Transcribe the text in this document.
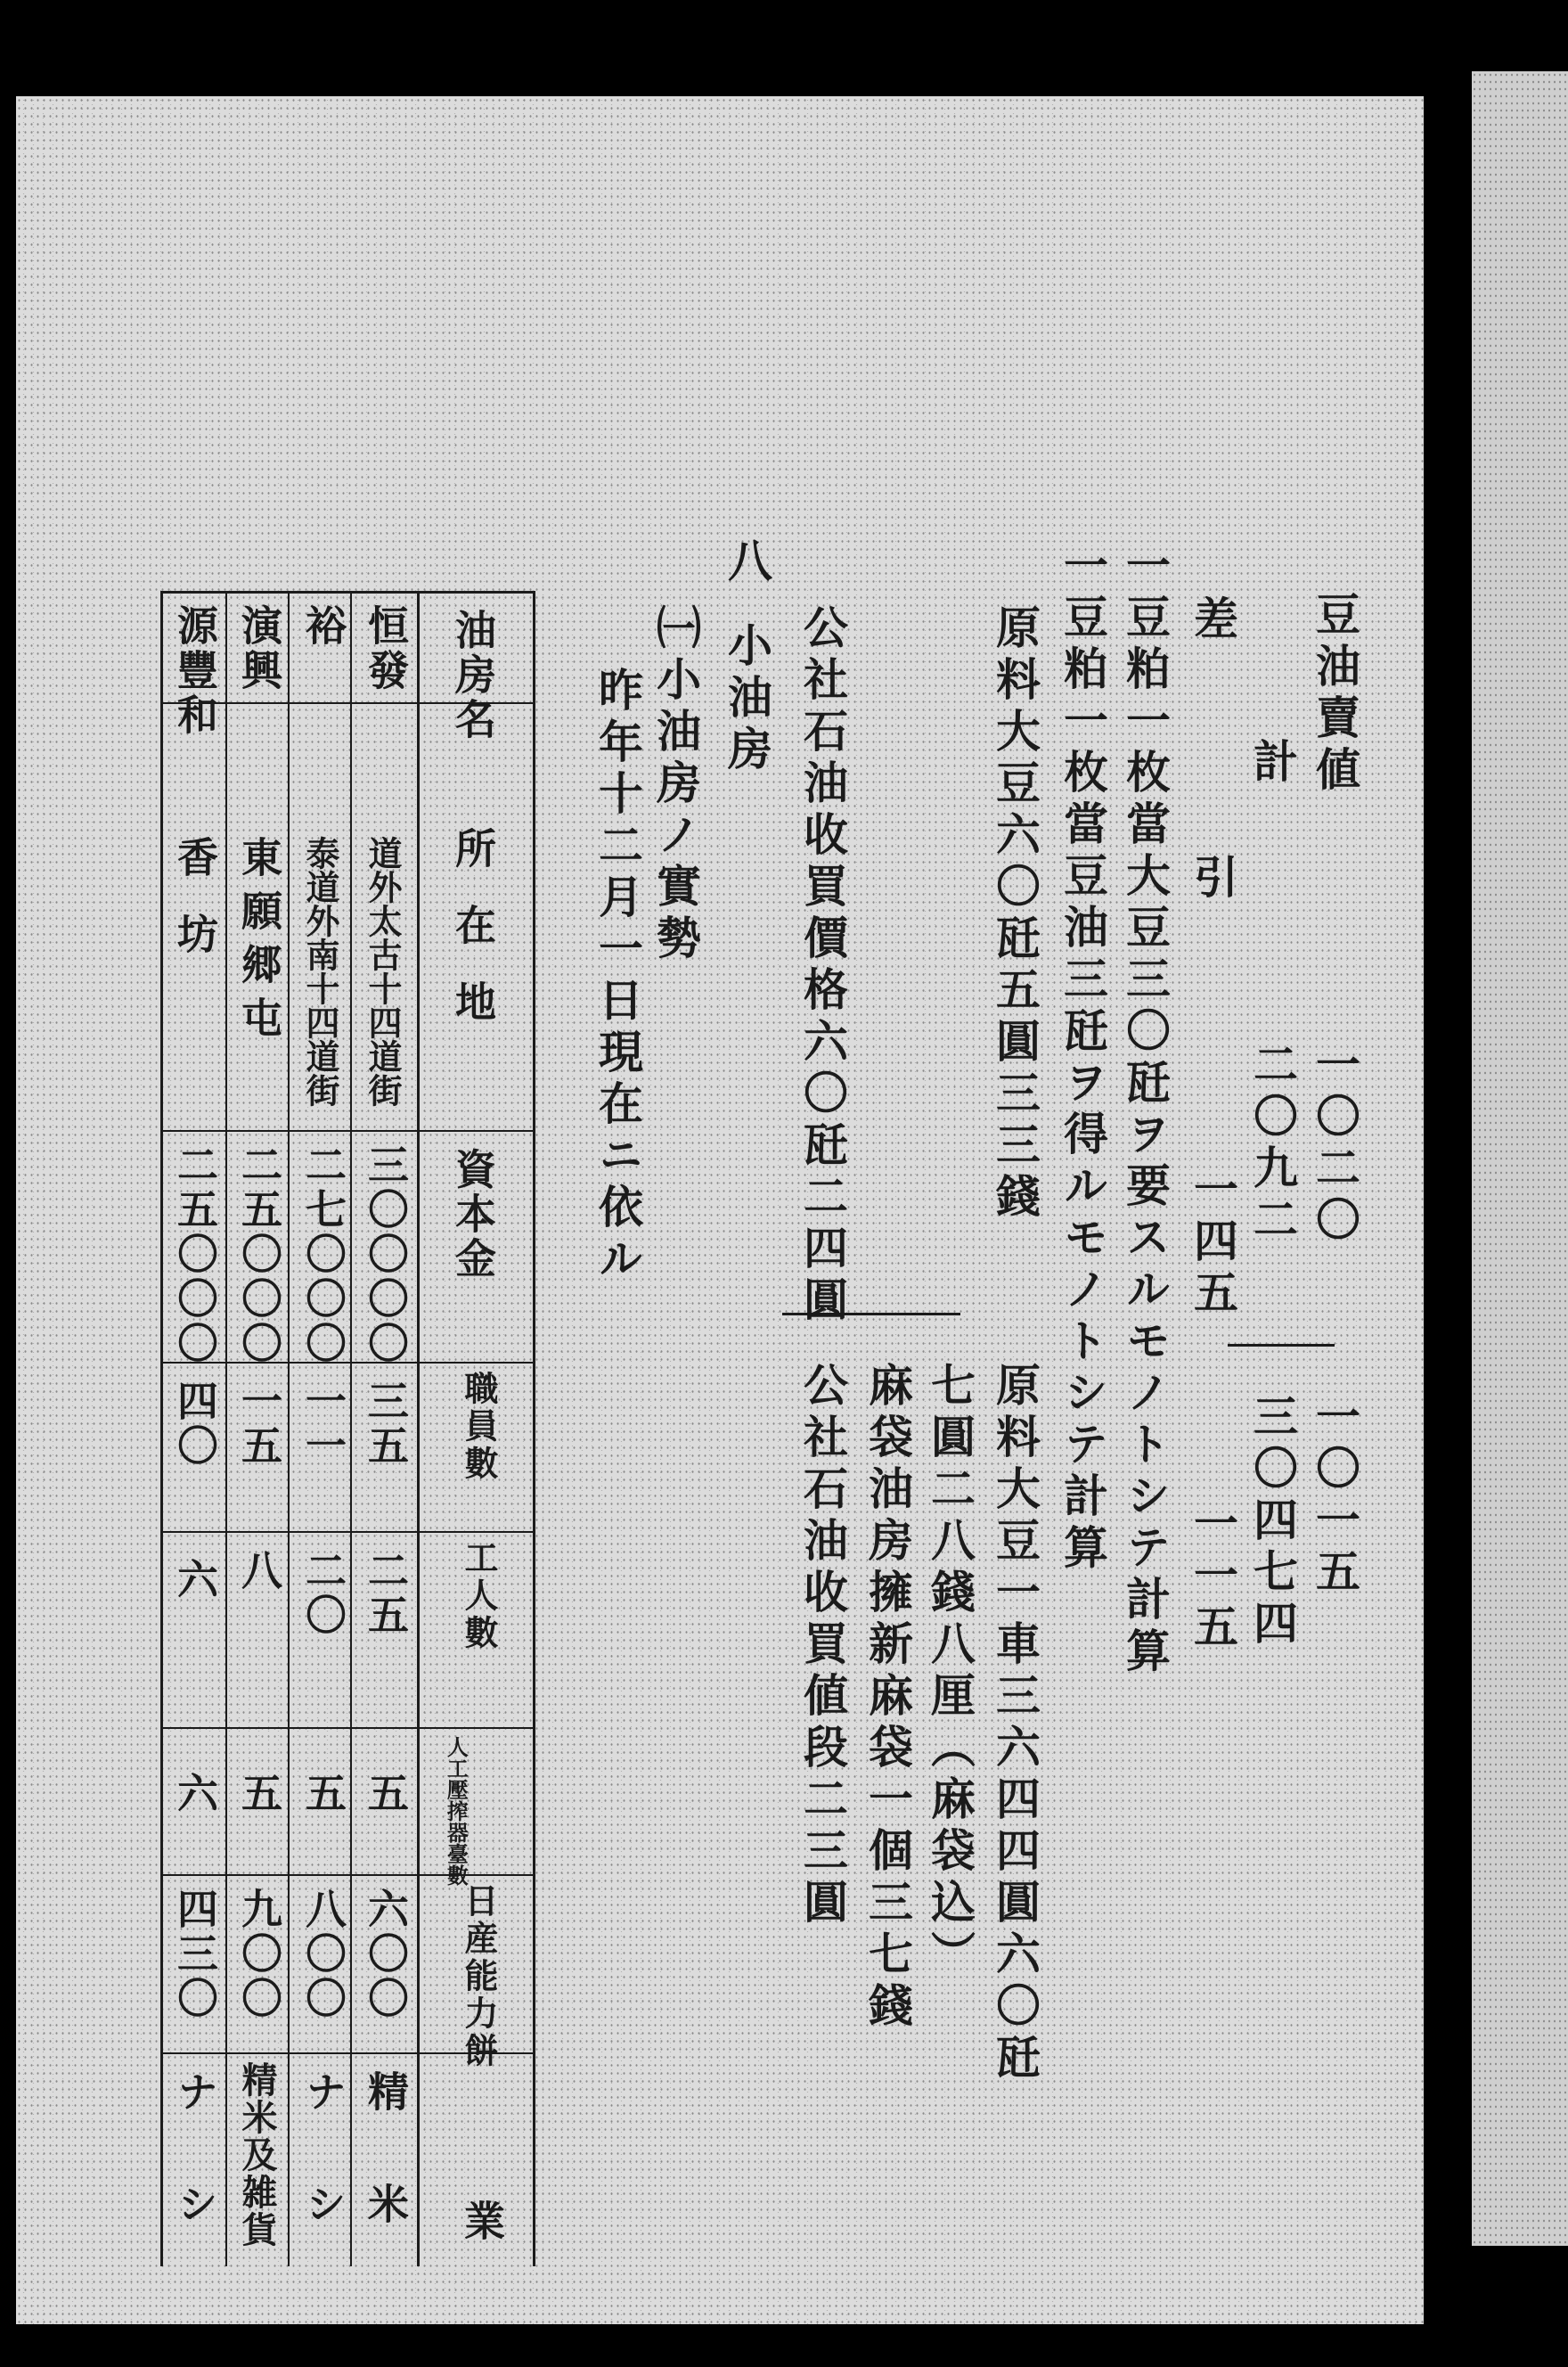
豆油賣値
一〇二〇
一〇一五
計
二〇九二
三〇四七四
差引
一四五
一一五
一豆粕一枚當大豆三〇瓩ヲ要スルモノトシテ計算
一豆粕一枚當豆油三瓩ヲ得ルモノトシテ計算
原料大豆六〇瓩五圓三三錢
原料大豆一車三六四四圓六〇瓩
七圓二八錢八厘（麻袋込）
麻袋油房擁新麻袋一個三七錢
公社石油收買價格六〇瓩二四圓
公社石油收買値段二三圓
八
小油房
㈠小油房ノ實勢
昨年十二月一日現在ニ依ル
油房名
所在地
資本金
職員數
工人數
人工壓搾器臺數
日産能力餅
業
恒發
道外太古十四道街
三〇〇〇〇
三五
二五
五
六〇〇
精米
裕
泰道外南十四道街
二七〇〇〇
一一
二〇
五
八〇〇
ナシ
演興
東願郷屯
二五〇〇〇
一五
八
五
九〇〇
精米及雑貨
源豐和
香坊
二五〇〇〇
四〇
六
六
四三〇
ナシ
